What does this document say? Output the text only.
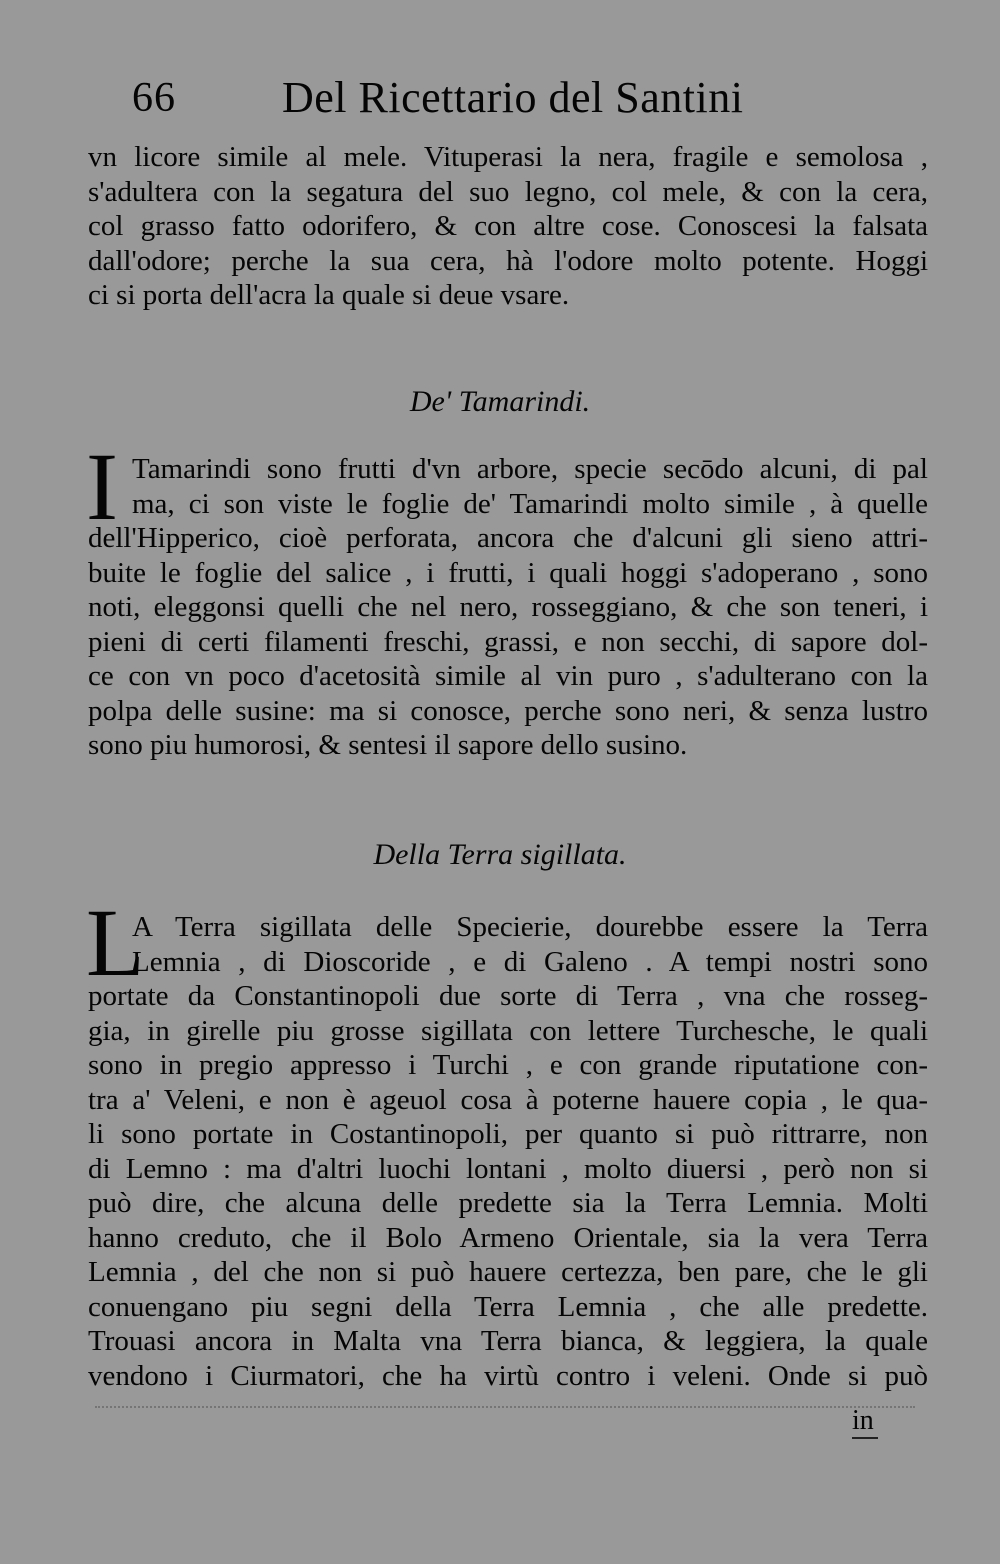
66 Del Ricettario del Santini
vn licore simile al mele. Vituperasi la nera, fragile e semolosa ,
s'adultera con la segatura del suo legno, col mele, & con la cera,
col grasso fatto odorifero, & con altre cose. Conoscesi la falsata
dall'odore; perche la sua cera, hà l'odore molto potente. Hoggi
ci si porta dell'acra la quale si deue vsare.
De' Tamarindi.
I Tamarindi sono frutti d'vn arbore, specie secōdo alcuni, di pal
ma, ci son viste le foglie de' Tamarindi molto simile , à quelle
dell'Hipperico, cioè perforata, ancora che d'alcuni gli sieno attri-
buite le foglie del salice , i frutti, i quali hoggi s'adoperano , sono
noti, eleggonsi quelli che nel nero, rosseggiano, & che son teneri, i
pieni di certi filamenti freschi, grassi, e non secchi, di sapore dol-
ce con vn poco d'acetosità simile al vin puro , s'adulterano con la
polpa delle susine: ma si conosce, perche sono neri, & senza lustro
sono piu humorosi, & sentesi il sapore dello susino.
Della Terra sigillata.
L
A Terra sigillata delle Specierie, dourebbe essere la Terra
Lemnia , di Dioscoride , e di Galeno . A tempi nostri sono
portate da Constantinopoli due sorte di Terra , vna che rosseg-
gia, in girelle piu grosse sigillata con lettere Turchesche, le quali
sono in pregio appresso i Turchi , e con grande riputatione con-
tra a' Veleni, e non è ageuol cosa à poterne hauere copia , le qua-
li sono portate in Costantinopoli, per quanto si può rittrarre, non
di Lemno : ma d'altri luochi lontani , molto diuersi , però non si
può dire, che alcuna delle predette sia la Terra Lemnia. Molti
hanno creduto, che il Bolo Armeno Orientale, sia la vera Terra
Lemnia , del che non si può hauere certezza, ben pare, che le gli
conuengano piu segni della Terra Lemnia , che alle predette.
Trouasi ancora in Malta vna Terra bianca, & leggiera, la quale
vendono i Ciurmatori, che ha virtù contro i veleni. Onde si può
in
